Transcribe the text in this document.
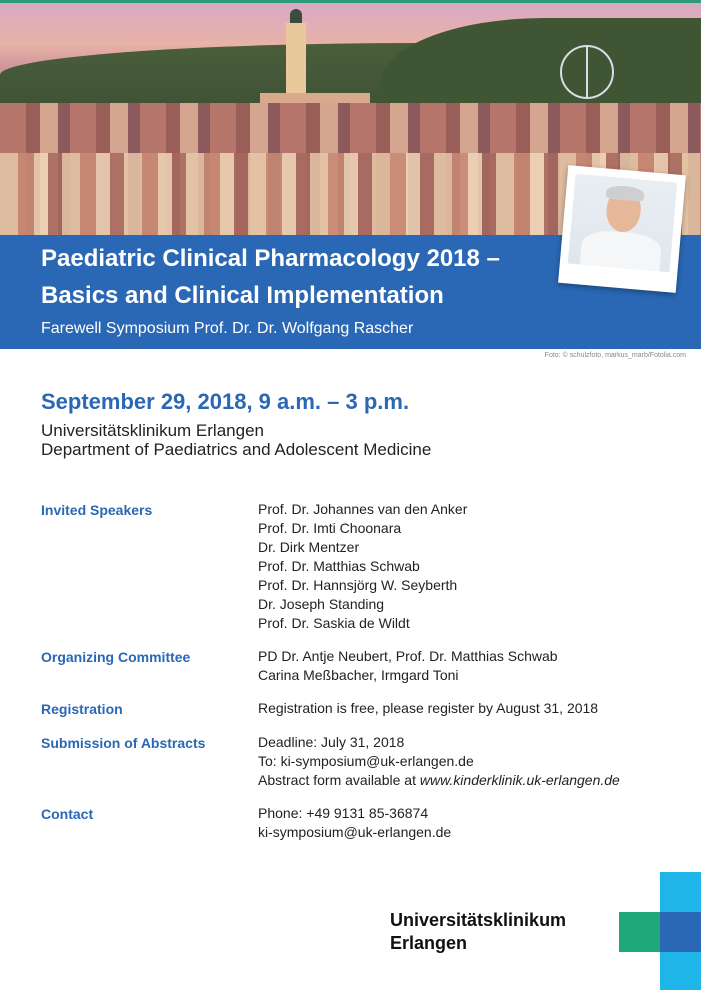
Paediatric Clinical Pharmacology 2018 –
Basics and Clinical Implementation
Farewell Symposium Prof. Dr. Dr. Wolfgang Rascher
Foto: © schulzfoto, markus_marb/Fotolia.com
September 29, 2018, 9 a.m. – 3 p.m.
Universitätsklinikum Erlangen
Department of Paediatrics and Adolescent Medicine
Invited Speakers	Prof. Dr. Johannes van den Anker
Prof. Dr. Imti Choonara
Dr. Dirk Mentzer
Prof. Dr. Matthias Schwab
Prof. Dr. Hannsjörg W. Seyberth
Dr. Joseph Standing
Prof. Dr. Saskia de Wildt
Organizing Committee	PD Dr. Antje Neubert, Prof. Dr. Matthias Schwab
Carina Meßbacher, Irmgard Toni
Registration	Registration is free, please register by August 31, 2018
Submission of Abstracts	Deadline: July 31, 2018
To: ki-symposium@uk-erlangen.de
Abstract form available at www.kinderklinik.uk-erlangen.de
Contact	Phone: +49 9131 85-36874
ki-symposium@uk-erlangen.de
Universitätsklinikum
Erlangen
